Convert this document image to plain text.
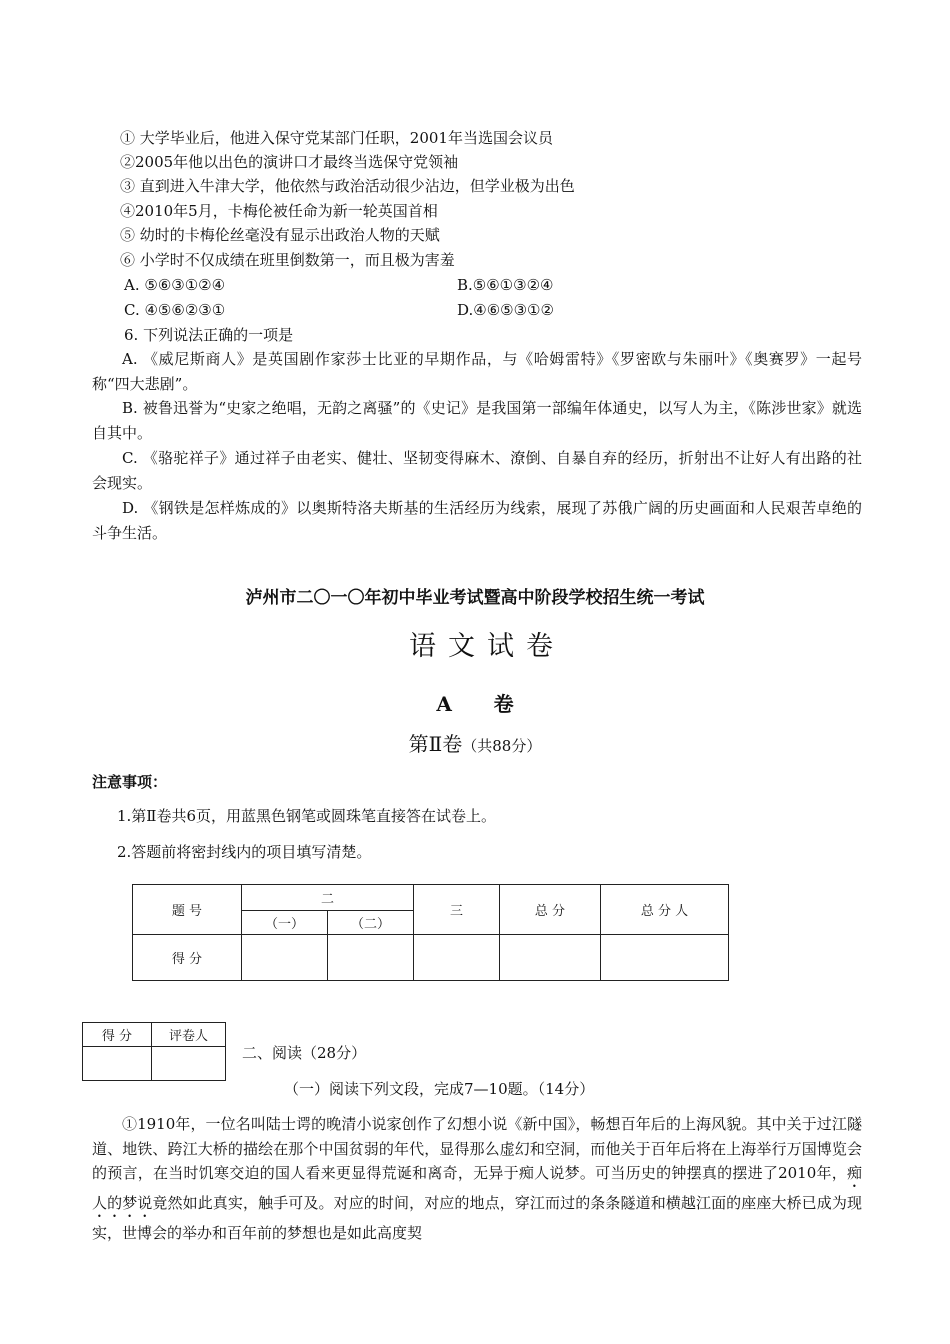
① 大学毕业后，他进入保守党某部门任职，2001年当选国会议员
②2005年他以出色的演讲口才最终当选保守党领袖
③ 直到进入牛津大学，他依然与政治活动很少沾边，但学业极为出色
④2010年5月，卡梅伦被任命为新一轮英国首相
⑤ 幼时的卡梅伦丝毫没有显示出政治人物的天赋
⑥ 小学时不仅成绩在班里倒数第一，而且极为害羞
A. ⑤⑥③①②④	B.⑤⑥①③②④
C. ④⑤⑥②③①	D.④⑥⑤③①②
6. 下列说法正确的一项是
A. 《威尼斯商人》是英国剧作家莎士比亚的早期作品，与《哈姆雷特》《罗密欧与朱丽叶》《奥赛罗》一起号称“四大悲剧”。
B. 被鲁迅誉为“史家之绝唱，无韵之离骚”的《史记》是我国第一部编年体通史，以写人为主，《陈涉世家》就选自其中。
C. 《骆驼祥子》通过祥子由老实、健壮、坚韧变得麻木、潦倒、自暴自弃的经历，折射出不让好人有出路的社会现实。
D. 《钢铁是怎样炼成的》以奥斯特洛夫斯基的生活经历为线索，展现了苏俄广阔的历史画面和人民艰苦卓绝的斗争生活。
泸州市二〇一〇年初中毕业考试暨高中阶段学校招生统一考试
语文试卷
A      卷
第Ⅱ卷（共88分）
注意事项：
1.第Ⅱ卷共6页，用蓝黑色钢笔或圆珠笔直接答在试卷上。
2.答题前将密封线内的项目填写清楚。
题 号	二		三	总 分	总 分 人
	（一）	（二）			
得 分					
得 分	评卷人

二、阅读（28分）
（一）阅读下列文段，完成7—10题。（14分）
①1910年，一位名叫陆士谔的晚清小说家创作了幻想小说《新中国》，畅想百年后的上海风貌。其中关于过江隧道、地铁、跨江大桥的描绘在那个中国贫弱的年代，显得那么虚幻和空洞，而他关于百年后将在上海举行万国博览会的预言，在当时饥寒交迫的国人看来更显得荒诞和离奇，无异于痴人说梦。可当历史的钟摆真的摆进了2010年，痴人的梦说竟然如此真实，触手可及。对应的时间，对应的地点，穿江而过的条条隧道和横越江面的座座大桥已成为现实，世博会的举办和百年前的梦想也是如此高度契
